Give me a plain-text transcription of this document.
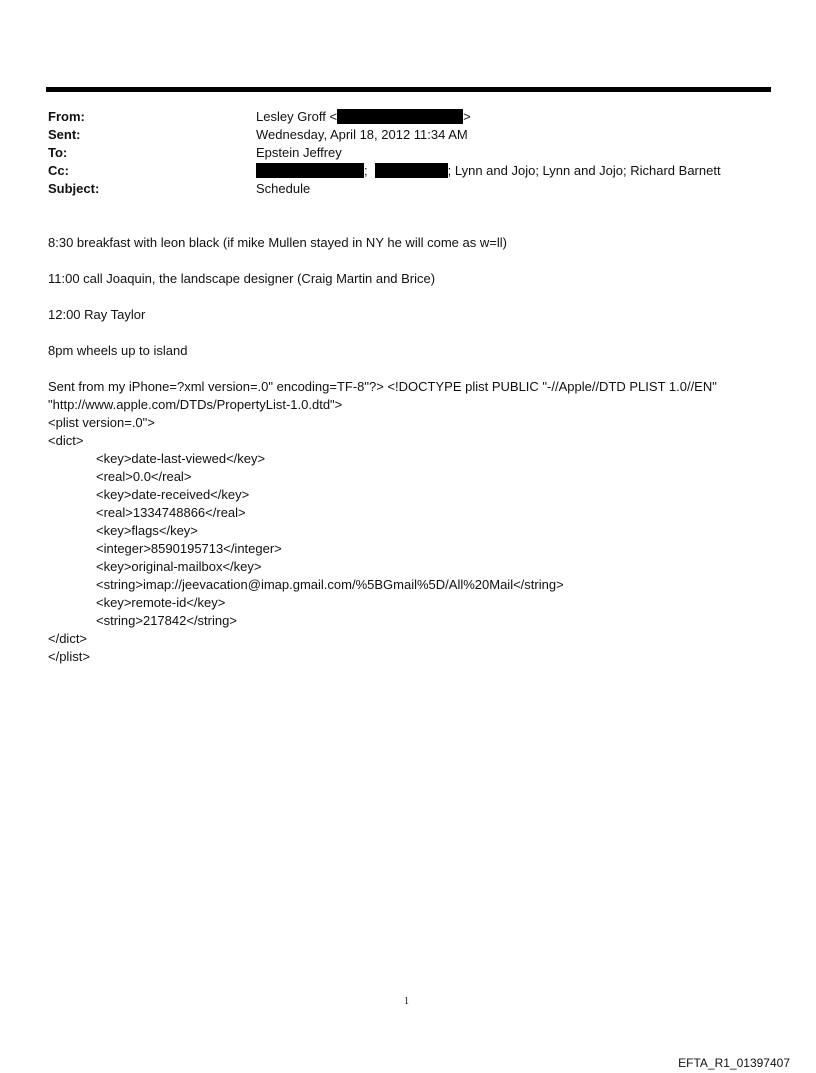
From:	Lesley Groff <	>
Sent:	Wednesday, April 18, 2012 11:34 AM
To:	Epstein Jeffrey
Cc:	;	; Lynn and Jojo; Lynn and Jojo; Richard Barnett
Subject:	Schedule
8:30 breakfast with leon black (if mike Mullen stayed in NY he will come as w=ll)
11:00 call Joaquin, the landscape designer (Craig Martin and Brice)
12:00 Ray Taylor
8pm wheels up to island
Sent from my iPhone=?xml version=.0" encoding=TF-8"?> <!DOCTYPE plist PUBLIC "-//Apple//DTD PLIST 1.0//EN"
"http://www.apple.com/DTDs/PropertyList-1.0.dtd">
<plist version=.0">
<dict>
<key>date-last-viewed</key>
<real>0.0</real>
<key>date-received</key>
<real>1334748866</real>
<key>flags</key>
<integer>8590195713</integer>
<key>original-mailbox</key>
<string>imap://jeevacation@imap.gmail.com/%5BGmail%5D/All%20Mail</string>
<key>remote-id</key>
<string>217842</string>
</dict>
</plist>
1
EFTA_R1_01397407
